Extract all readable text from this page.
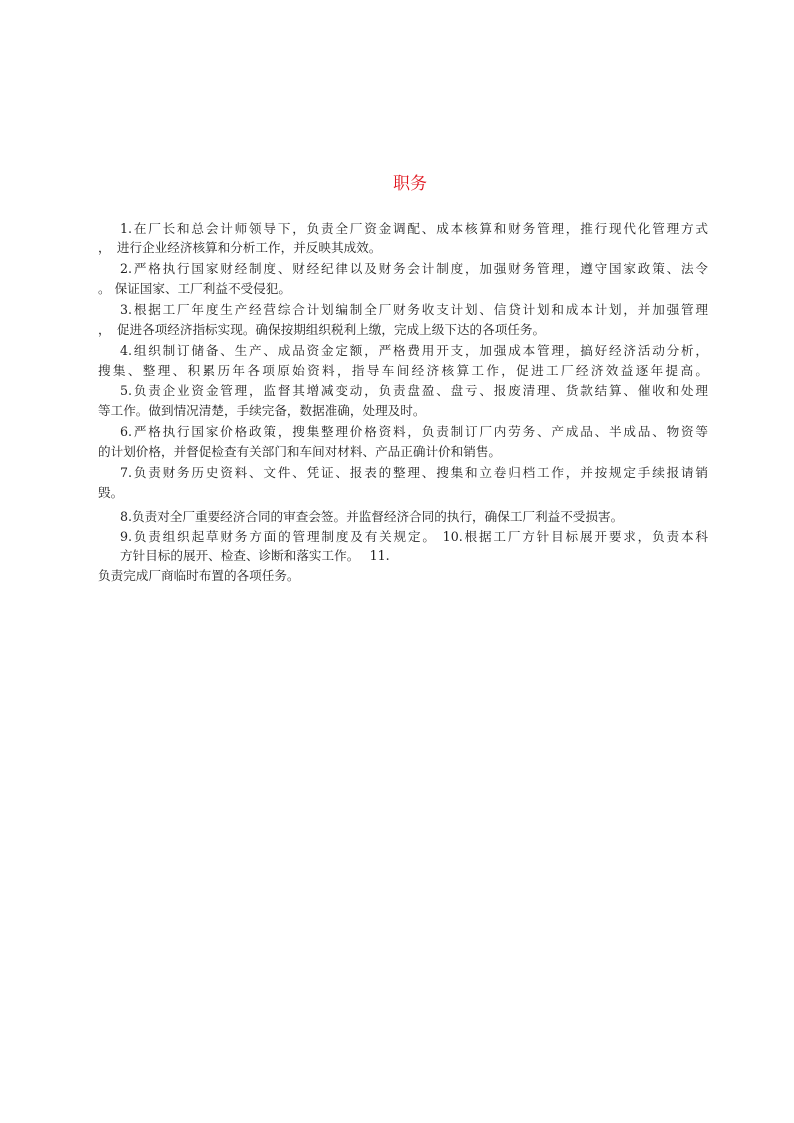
职务
1.在厂长和总会计师领导下，负责全厂资金调配、成本核算和财务管理，推行现代化管理方式
，　进行企业经济核算和分析工作，并反映其成效。
2.严格执行国家财经制度、财经纪律以及财务会计制度，加强财务管理，遵守国家政策、法令
。 保证国家、工厂利益不受侵犯。
3.根据工厂年度生产经营综合计划编制全厂财务收支计划、信贷计划和成本计划，并加强管理
，　促进各项经济指标实现。确保按期组织税利上缴，完成上级下达的各项任务。
4.组织制订储备、生产、成品资金定额，严格费用开支，加强成本管理，搞好经济活动分析，
搜集、整理、积累历年各项原始资料，指导车间经济核算工作，促进工厂经济效益逐年提高。
5.负责企业资金管理，监督其增减变动，负责盘盈、盘亏、报废清理、货款结算、催收和处理
等工作。做到情况清楚，手续完备，数据准确，处理及时。
6.严格执行国家价格政策，搜集整理价格资料，负责制订厂内劳务、产成品、半成品、物资等
的计划价格，并督促检查有关部门和车间对材料、产品正确计价和销售。
7.负责财务历史资料、文件、凭证、报表的整理、搜集和立卷归档工作，并按规定手续报请销
毁。
8.负责对全厂重要经济合同的审查会签。并监督经济合同的执行，确保工厂利益不受损害。
9.负责组织起草财务方面的管理制度及有关规定。 10.根据工厂方针目标展开要求，负责本科
方针目标的展开、检查、诊断和落实工作。　 11.
负责完成厂商临时布置的各项任务。
